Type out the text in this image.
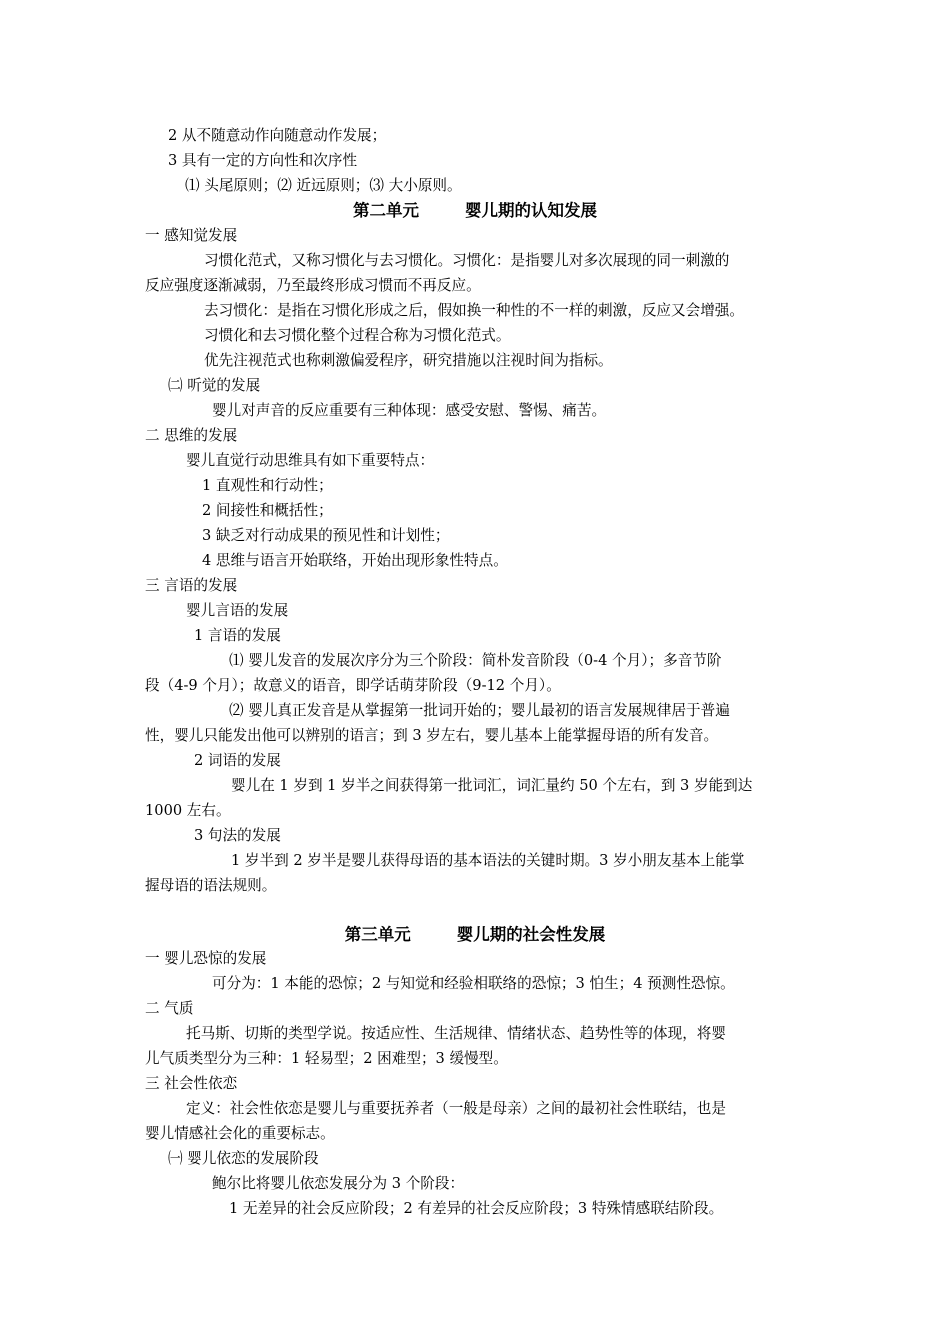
2 从不随意动作向随意动作发展；
3 具有一定的方向性和次序性
⑴ 头尾原则；⑵ 近远原则；⑶ 大小原则。
第二单元	婴儿期的认知发展
一 感知觉发展
习惯化范式，又称习惯化与去习惯化。习惯化：是指婴儿对多次展现的同一刺激的
反应强度逐渐减弱，乃至最终形成习惯而不再反应。
去习惯化：是指在习惯化形成之后，假如换一种性的不一样的刺激，反应又会增强。
习惯化和去习惯化整个过程合称为习惯化范式。
优先注视范式也称刺激偏爱程序，研究措施以注视时间为指标。
㈡ 听觉的发展
婴儿对声音的反应重要有三种体现：感受安慰、警惕、痛苦。
二 思维的发展
婴儿直觉行动思维具有如下重要特点：
1 直观性和行动性；
2 间接性和概括性；
3 缺乏对行动成果的预见性和计划性；
4 思维与语言开始联络，开始出现形象性特点。
三 言语的发展
婴儿言语的发展
1 言语的发展
⑴ 婴儿发音的发展次序分为三个阶段：简朴发音阶段（0-4 个月）；多音节阶
段（4-9 个月）；故意义的语音，即学话萌芽阶段（9-12 个月）。
⑵ 婴儿真正发音是从掌握第一批词开始的；婴儿最初的语言发展规律居于普遍
性，婴儿只能发出他可以辨别的语言；到 3 岁左右，婴儿基本上能掌握母语的所有发音。
2 词语的发展
婴儿在 1 岁到 1 岁半之间获得第一批词汇，词汇量约 50 个左右，到 3 岁能到达
1000 左右。
3 句法的发展
1 岁半到 2 岁半是婴儿获得母语的基本语法的关键时期。3 岁小朋友基本上能掌
握母语的语法规则。
第三单元	婴儿期的社会性发展
一 婴儿恐惊的发展
可分为：1 本能的恐惊；2 与知觉和经验相联络的恐惊；3 怕生；4 预测性恐惊。
二 气质
托马斯、切斯的类型学说。按适应性、生活规律、情绪状态、趋势性等的体现，将婴
儿气质类型分为三种：1 轻易型；2 困难型；3 缓慢型。
三 社会性依恋
定义：社会性依恋是婴儿与重要抚养者（一般是母亲）之间的最初社会性联结，也是
婴儿情感社会化的重要标志。
㈠ 婴儿依恋的发展阶段
鲍尔比将婴儿依恋发展分为 3 个阶段：
1 无差异的社会反应阶段；2 有差异的社会反应阶段；3 特殊情感联结阶段。
